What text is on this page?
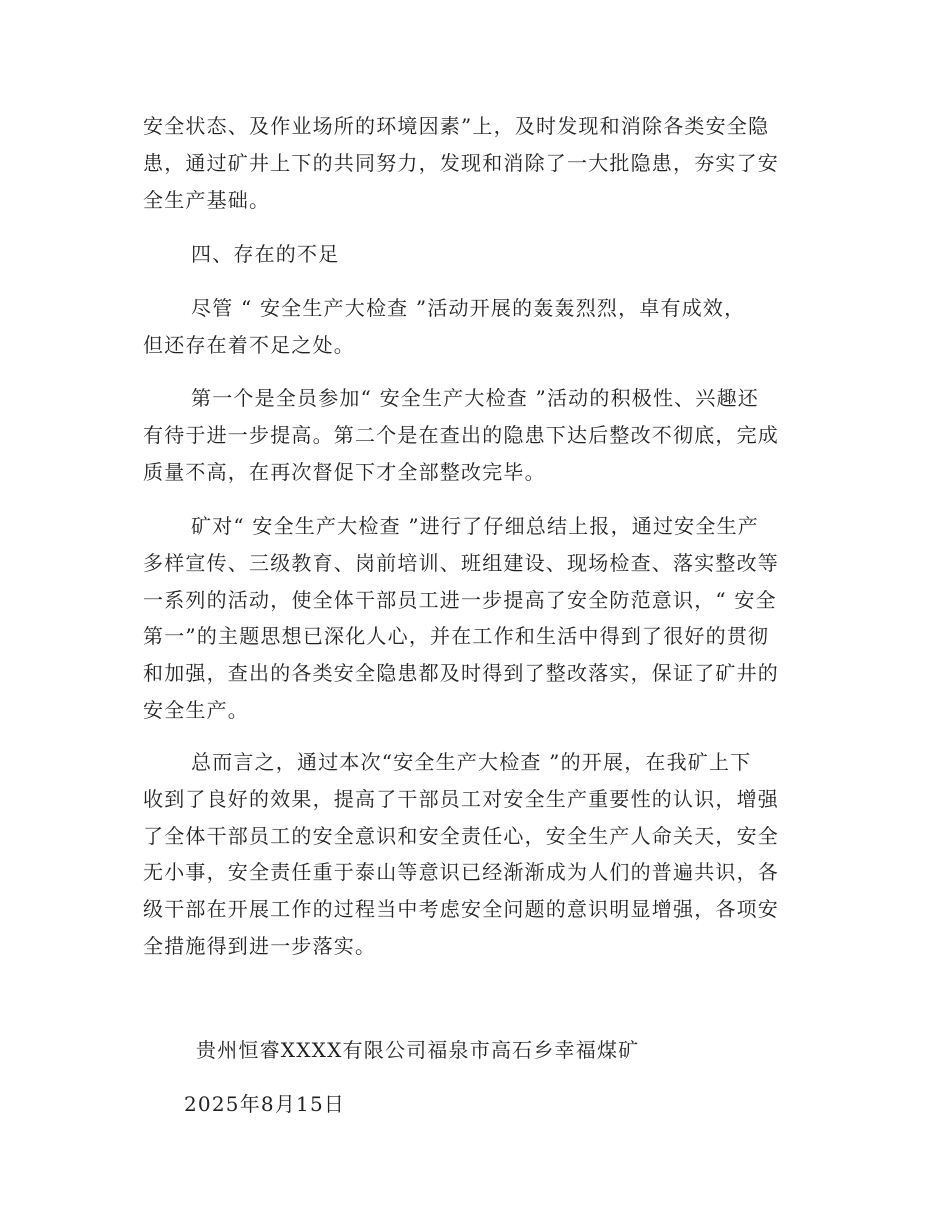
安全状态、及作业场所的环境因素”上，及时发现和消除各类安全隐
患，通过矿井上下的共同努力，发现和消除了一大批隐患，夯实了安
全生产基础。
四、存在的不足
尽管 “ 安全生产大检查 ”活动开展的轰轰烈烈，卓有成效，
但还存在着不足之处。
第一个是全员参加“ 安全生产大检查 ”活动的积极性、兴趣还
有待于进一步提高。第二个是在查出的隐患下达后整改不彻底，完成
质量不高，在再次督促下才全部整改完毕。
矿对“ 安全生产大检查 ”进行了仔细总结上报，通过安全生产
多样宣传、三级教育、岗前培训、班组建设、现场检查、落实整改等
一系列的活动，使全体干部员工进一步提高了安全防范意识，“ 安全
第一”的主题思想已深化人心，并在工作和生活中得到了很好的贯彻
和加强，查出的各类安全隐患都及时得到了整改落实，保证了矿井的
安全生产。
总而言之，通过本次“安全生产大检查 ”的开展，在我矿上下
收到了良好的效果，提高了干部员工对安全生产重要性的认识，增强
了全体干部员工的安全意识和安全责任心，安全生产人命关天，安全
无小事，安全责任重于泰山等意识已经渐渐成为人们的普遍共识，各
级干部在开展工作的过程当中考虑安全问题的意识明显增强，各项安
全措施得到进一步落实。
贵州恒睿XXXX有限公司福泉市高石乡幸福煤矿
2025年8月15日
